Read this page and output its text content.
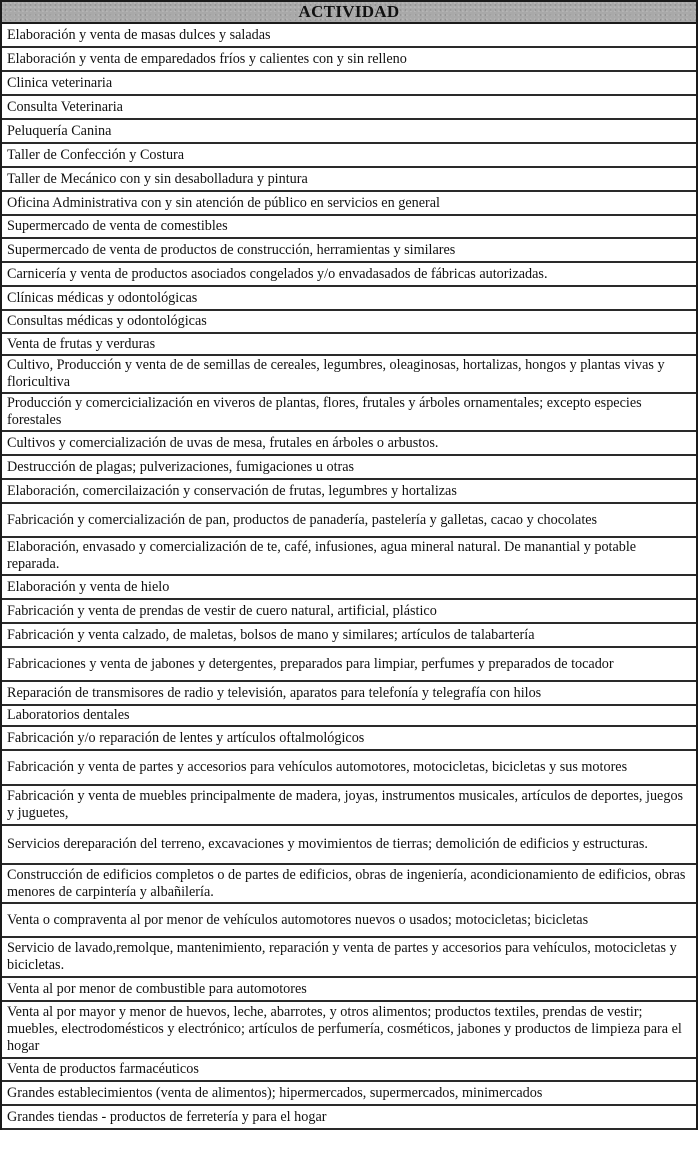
ACTIVIDAD
Elaboración y venta de masas dulces y saladas
Elaboración y venta de emparedados fríos y calientes con y sin relleno
Clinica veterinaria
Consulta Veterinaria
Peluquería Canina
Taller de Confección y Costura
Taller de Mecánico con y sin desabolladura y pintura
Oficina Administrativa con y sin atención de público en servicios en general
Supermercado de venta de comestibles
Supermercado de venta de productos de construcción, herramientas y similares
Carnicería y venta de productos asociados congelados y/o envadasados de fábricas autorizadas.
Clínicas médicas y odontológicas
Consultas médicas y odontológicas
Venta de frutas y verduras
Cultivo, Producción y venta de de semillas de cereales, legumbres, oleaginosas, hortalizas, hongos y plantas vivas y floricultiva
Producción y comercicialización en viveros de plantas, flores, frutales y árboles ornamentales; excepto especies forestales
Cultivos y comercialización de uvas de mesa, frutales en árboles o arbustos.
Destrucción de plagas; pulverizaciones, fumigaciones u otras
Elaboración, comercilaización y conservación de frutas, legumbres y hortalizas
Fabricación y comercialización de pan, productos de panadería, pastelería y galletas, cacao y chocolates
Elaboración, envasado y comercialización de te, café, infusiones, agua mineral natural. De manantial y potable reparada.
Elaboración y venta de hielo
Fabricación y venta de prendas de vestir de cuero natural, artificial, plástico
Fabricación y venta calzado, de maletas, bolsos de mano y similares; artículos de talabartería
Fabricaciones y venta de jabones y detergentes, preparados para limpiar, perfumes y preparados de tocador
Reparación de transmisores de radio y televisión, aparatos para telefonía y telegrafía con hilos
Laboratorios dentales
Fabricación y/o reparación de lentes y artículos oftalmológicos
Fabricación y venta de partes y accesorios para vehículos automotores, motocicletas, bicicletas y sus motores
Fabricación y venta de muebles principalmente de madera, joyas, instrumentos musicales, artículos de deportes, juegos y juguetes,
Servicios dereparación del terreno, excavaciones y movimientos de tierras; demolición de edificios y estructuras.
Construcción de edificios completos o de partes de edificios, obras de ingeniería, acondicionamiento de edificios, obras menores de carpintería y albañilería.
Venta o compraventa al por menor de vehículos automotores nuevos o usados; motocicletas; bicicletas
Servicio de lavado,remolque, mantenimiento, reparación y venta de partes y accesorios para vehículos, motocicletas y bicicletas.
Venta al por menor de combustible para automotores
Venta al por mayor y menor de huevos, leche, abarrotes, y otros alimentos; productos textiles, prendas de vestir; muebles, electrodomésticos y electrónico; artículos de perfumería, cosméticos, jabones y productos de limpieza para el hogar
Venta de productos farmacéuticos
Grandes establecimientos (venta de alimentos); hipermercados, supermercados, minimercados
Grandes tiendas - productos de ferretería y para el hogar
